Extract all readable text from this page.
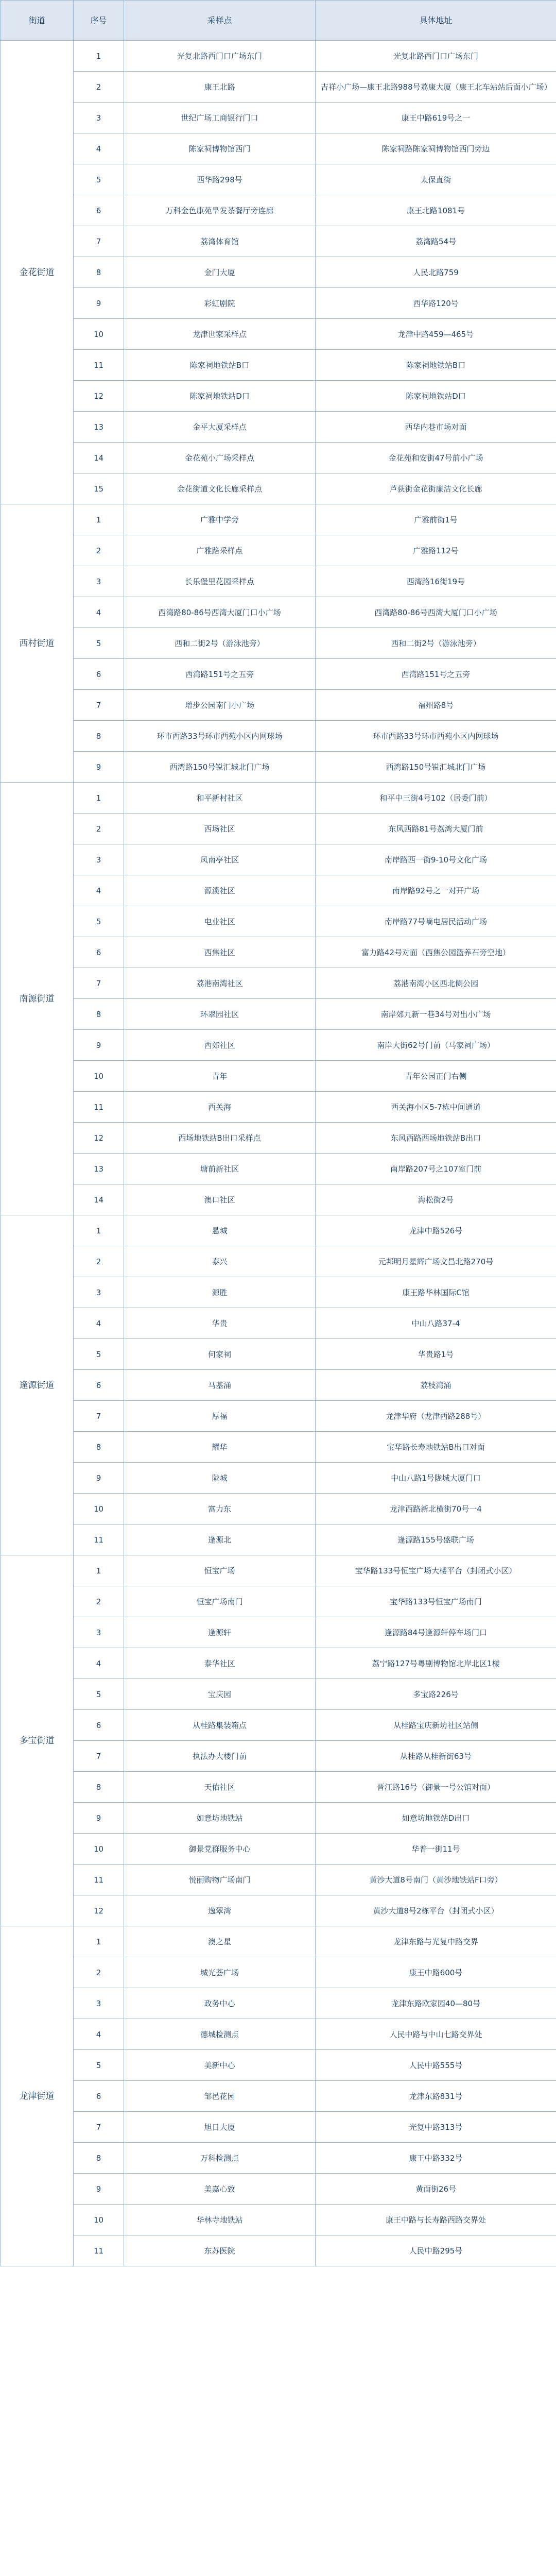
街道	序号	采样点	具体地址
金花街道	1	光复北路西门口广场东门	光复北路西门口广场东门
	2	康王北路	吉祥小广场—康王北路988号荔康大厦（康王北车站站后面小广场）
	3	世纪广场工商银行门口	康王中路619号之一
	4	陈家祠博物馆西门	陈家祠路陈家祠博物馆西门旁边
	5	西华路298号	太保直街
	6	万科金色康苑旱发茶餐厅旁连廊	康王北路1081号
	7	荔湾体育馆	荔湾路54号
	8	金门大厦	人民北路759
	9	彩虹剧院	西华路120号
	10	龙津世家采样点	龙津中路459—465号
	11	陈家祠地铁站B口	陈家祠地铁站B口
	12	陈家祠地铁站D口	陈家祠地铁站D口
	13	金平大厦采样点	西华内巷市场对面
	14	金花苑小广场采样点	金花苑和安街47号前小广场
	15	金花街道文化长廊采样点	芦荻街金花街廉洁文化长廊
西村街道	1	广雅中学旁	广雅前街1号
	2	广雅路采样点	广雅路112号
	3	长乐堡里花园采样点	西湾路16街19号
	4	西湾路80-86号西湾大厦门口小广场	西湾路80-86号西湾大厦门口小广场
	5	西和二街2号（游泳池旁）	西和二街2号（游泳池旁）
	6	西湾路151号之五旁	西湾路151号之五旁
	7	增步公园南门小广场	福州路8号
	8	环市西路33号环市西苑小区内网球场	环市西路33号环市西苑小区内网球场
	9	西湾路150号锐汇城北门广场	西湾路150号锐汇城北门广场
南源街道	1	和平新村社区	和平中三街4号102（居委门前）
	2	西场社区	东风西路81号荔湾大厦门前
	3	凤南亭社区	南岸路西一街9-10号文化广场
	4	源溪社区	南岸路92号之一对开广场
	5	电业社区	南岸路77号嘀电居民活动广场
	6	西焦社区	富力路42号对面（西焦公园篮养石旁空地）
	7	荔港南湾社区	荔港南湾小区西北侧公园
	8	环翠园社区	南岸郊九新一巷34号对出小广场
	9	西郊社区	南岸大街62号门前（马家祠广场）
	10	青年	青年公园正门右侧
	11	西关海	西关海小区5-7栋中间通道
	12	西场地铁站B出口采样点	东风西路西场地铁站B出口
	13	塘前新社区	南岸路207号之107室门前
	14	澳口社区	海松街2号
逢源街道	1	悬城	龙津中路526号
	2	泰兴	元邦明月星辉广场文昌北路270号
	3	源胜	康王路华林国际C馆
	4	华贵	中山八路37-4
	5	何家祠	华贵路1号
	6	马基涌	荔枝湾涌
	7	厚福	龙津华府（龙津西路288号）
	8	耀华	宝华路长寿地铁站B出口对面
	9	陇城	中山八路1号陇城大厦门口
	10	富力东	龙津西路新北横街70号一4
	11	逢源北	逢源路155号盛联广场
多宝街道	1	恒宝广场	宝华路133号恒宝广场大楼平台（封闭式小区）
	2	恒宝广场南门	宝华路133号恒宝广场南门
	3	逢源轩	逢源路84号逢源轩停车场门口
	4	泰华社区	荔宁路127号粤剧博物馆北岸北区1楼
	5	宝庆园	多宝路226号
	6	从桂路集装箱点	从桂路宝庆新坊社区站侧
	7	执法办大楼门前	从桂路从桂新街63号
	8	天佑社区	晋江路16号（御景一号公馆对面）
	9	如意坊地铁站	如意坊地铁站D出口
	10	御景党群服务中心	华普一街11号
	11	悦丽购物广场南门	黄沙大道8号南门（黄沙地铁站F口旁）
	12	逸翠湾	黄沙大道8号2栋平台（封闭式小区）
龙津街道	1	澳之星	龙津东路与光复中路交界
	2	城光荟广场	康王中路600号
	3	政务中心	龙津东路欧家园40—80号
	4	德城检测点	人民中路与中山七路交界处
	5	美新中心	人民中路555号
	6	邹邑花园	龙津东路831号
	7	旭日大厦	光复中路313号
	8	万科检测点	康王中路332号
	9	美嘉心致	黄面街26号
	10	华林寺地铁站	康王中路与长寿路西路交界处
	11	东苏医院	人民中路295号
